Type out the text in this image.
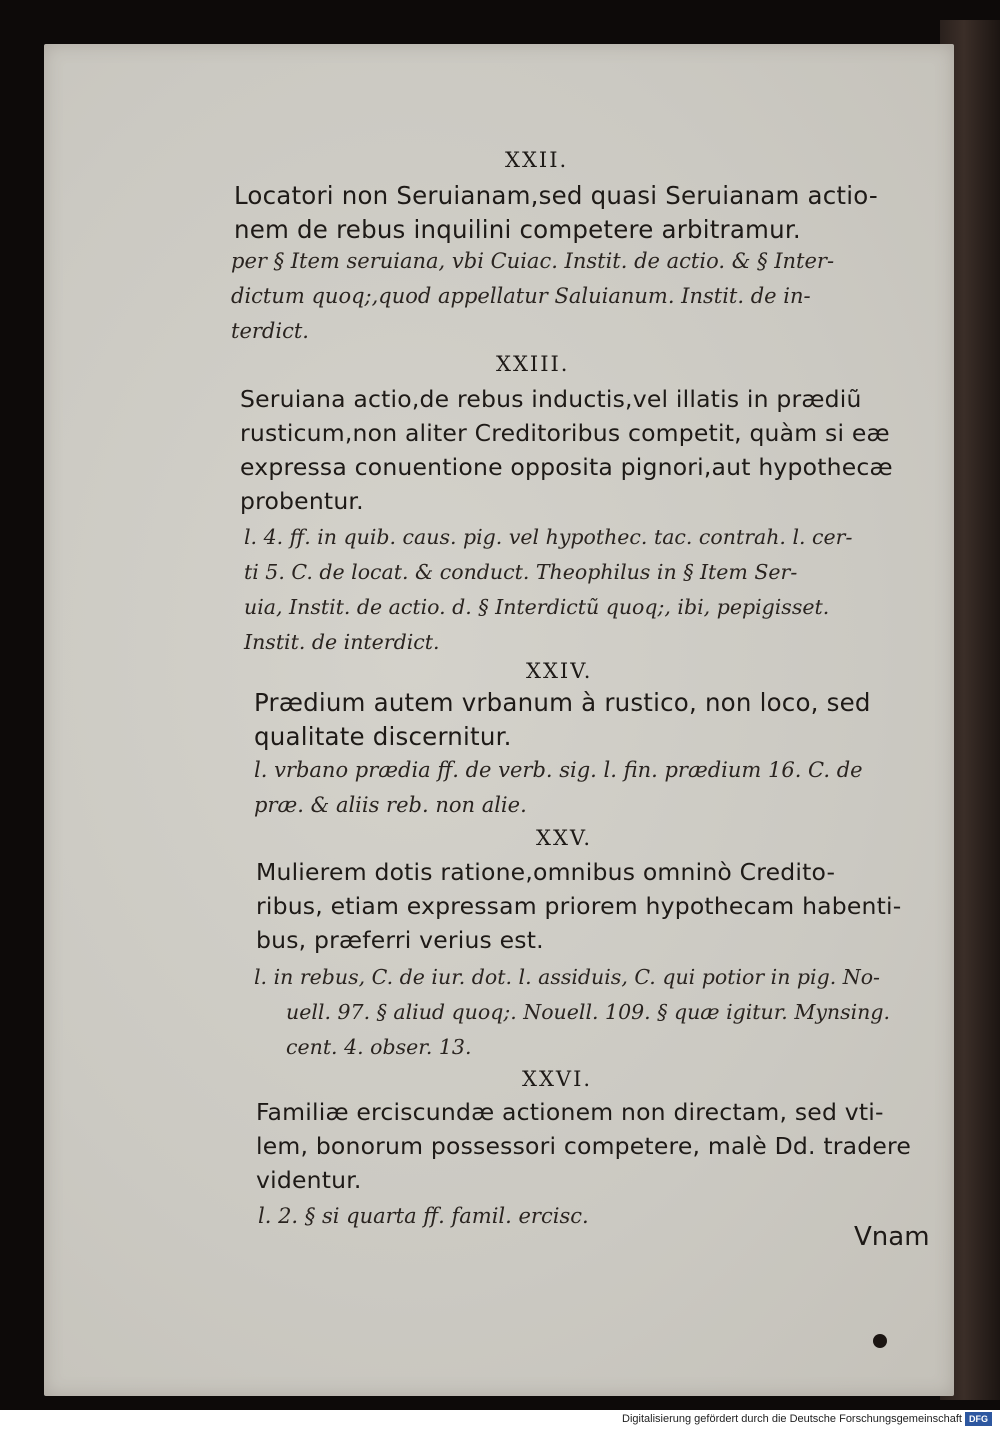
XXII.
Locatori non Seruianam,sed quasi Seruianam actio-
nem de rebus inquilini competere arbitramur.
per § Item seruiana, vbi Cuiac. Instit. de actio. & § Inter-
dictum quoq;,quod appellatur Saluianum. Instit. de in-
terdict.
XXIII.
Seruiana actio,de rebus inductis,vel illatis in prædiũ
rusticum,non aliter Creditoribus competit, quàm si eæ
expressa conuentione opposita pignori,aut hypothecæ
probentur.
l. 4. ff. in quib. caus. pig. vel hypothec. tac. contrah. l. cer-
ti 5. C. de locat. & conduct. Theophilus in § Item Ser-
uia, Instit. de actio. d. § Interdictũ quoq;, ibi, pepigisset.
Instit. de interdict.
XXIV.
Prædium autem vrbanum à rustico, non loco, sed
qualitate discernitur.
l. vrbano prædia ff. de verb. sig. l. fin. prædium 16. C. de
præ. & aliis reb. non alie.
XXV.
Mulierem dotis ratione,omnibus omninò Credito-
ribus, etiam expressam priorem hypothecam habenti-
bus, præferri verius est.
l. in rebus, C. de iur. dot. l. assiduis, C. qui potior in pig. No-
uell. 97. § aliud quoq;. Nouell. 109. § quæ igitur. Mynsing.
cent. 4. obser. 13.
XXVI.
Familiæ erciscundæ actionem non directam, sed vti-
lem, bonorum possessori competere, malè Dd. tradere
videntur.
l. 2. § si quarta ff. famil. ercisc.
Vnam
Digitalisierung gefördert durch die Deutsche Forschungsgemeinschaft DFG
